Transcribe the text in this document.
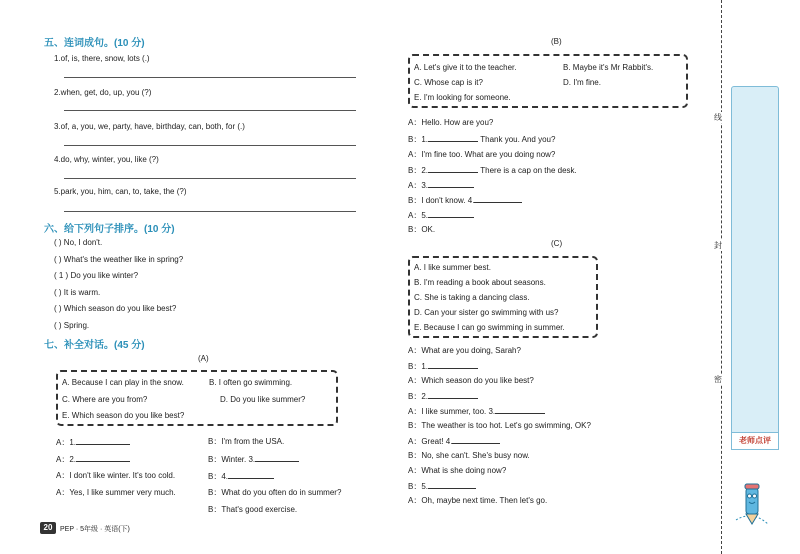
五、连词成句。(10 分)
1.of, is, there, snow, lots (.)
2.when, get, do, up, you (?)
3.of, a, you, we, party, have, birthday, can, both, for (.)
4.do, why, winter, you, like (?)
5.park, you, him, can, to, take, the (?)
六、给下列句子排序。(10 分)
( ) No, I don't.
( ) What's the weather like in spring?
( 1 ) Do you like winter?
( ) It is warm.
( ) Which season do you like best?
( ) Spring.
七、补全对话。(45 分)
(A)
A. Because I can play in the snow.	B. I often go swimming.
C. Where are you from?	D. Do you like summer?
E. Which season do you like best?
A：1.
A：2.
A：I don't like winter. It's too cold.
A：Yes, I like summer very much.
B：I'm from the USA.
B：Winter. 3.
B：4.
B：What do you often do in summer?
B：That's good exercise.
20	PEP · 5年级 · 英语(下)
(B)
A. Let's give it to the teacher.	B. Maybe it's Mr Rabbit's.
C. Whose cap is it?	D. I'm fine.
E. I'm looking for someone.
A：Hello. How are you?
B：1.	Thank you. And you?
A：I'm fine too. What are you doing now?
B：2.	There is a cap on the desk.
A：3.
B：I don't know. 4.
A：5.
B：OK.
(C)
A. I like summer best.
B. I'm reading a book about seasons.
C. She is taking a dancing class.
D. Can your sister go swimming with us?
E. Because I can go swimming in summer.
A：What are you doing, Sarah?
B：1.
A：Which season do you like best?
B：2.
A：I like summer, too. 3.
B：The weather is too hot. Let's go swimming, OK?
A：Great! 4.
B：No, she can't. She's busy now.
A：What is she doing now?
B：5.
A：Oh, maybe next time. Then let's go.
线
封
密
老师点评
